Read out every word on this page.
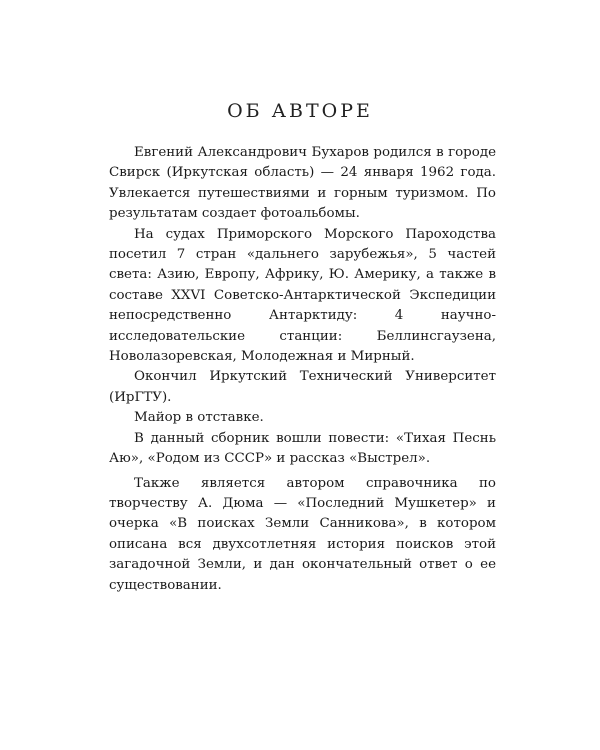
ОБ АВТОРЕ

Евгений Александрович Бухаров родился в городе Свирск (Иркутская область) — 24 января 1962 года. Увлекается путешествиями и горным туризмом. По результатам создает фотоальбомы.

На судах Приморского Морского Пароходства посетил 7 стран «дальнего зарубежья», 5 частей света: Азию, Европу, Африку, Ю. Америку, а также в составе XXVI Советско-Антарктической Экспедиции непосредственно Антарктиду: 4 научно-исследовательские станции: Беллинсгаузена, Новолазоревская, Молодежная и Мирный.

Окончил Иркутский Технический Университет (ИрГТУ).

Майор в отставке.

В данный сборник вошли повести: «Тихая Песнь Аю», «Родом из СССР» и рассказ «Выстрел».

Также является автором справочника по творчеству А. Дюма — «Последний Мушкетер» и очерка «В поисках Земли Санникова», в котором описана вся двухсотлетняя история поисков этой загадочной Земли, и дан окончательный ответ о ее существовании.
